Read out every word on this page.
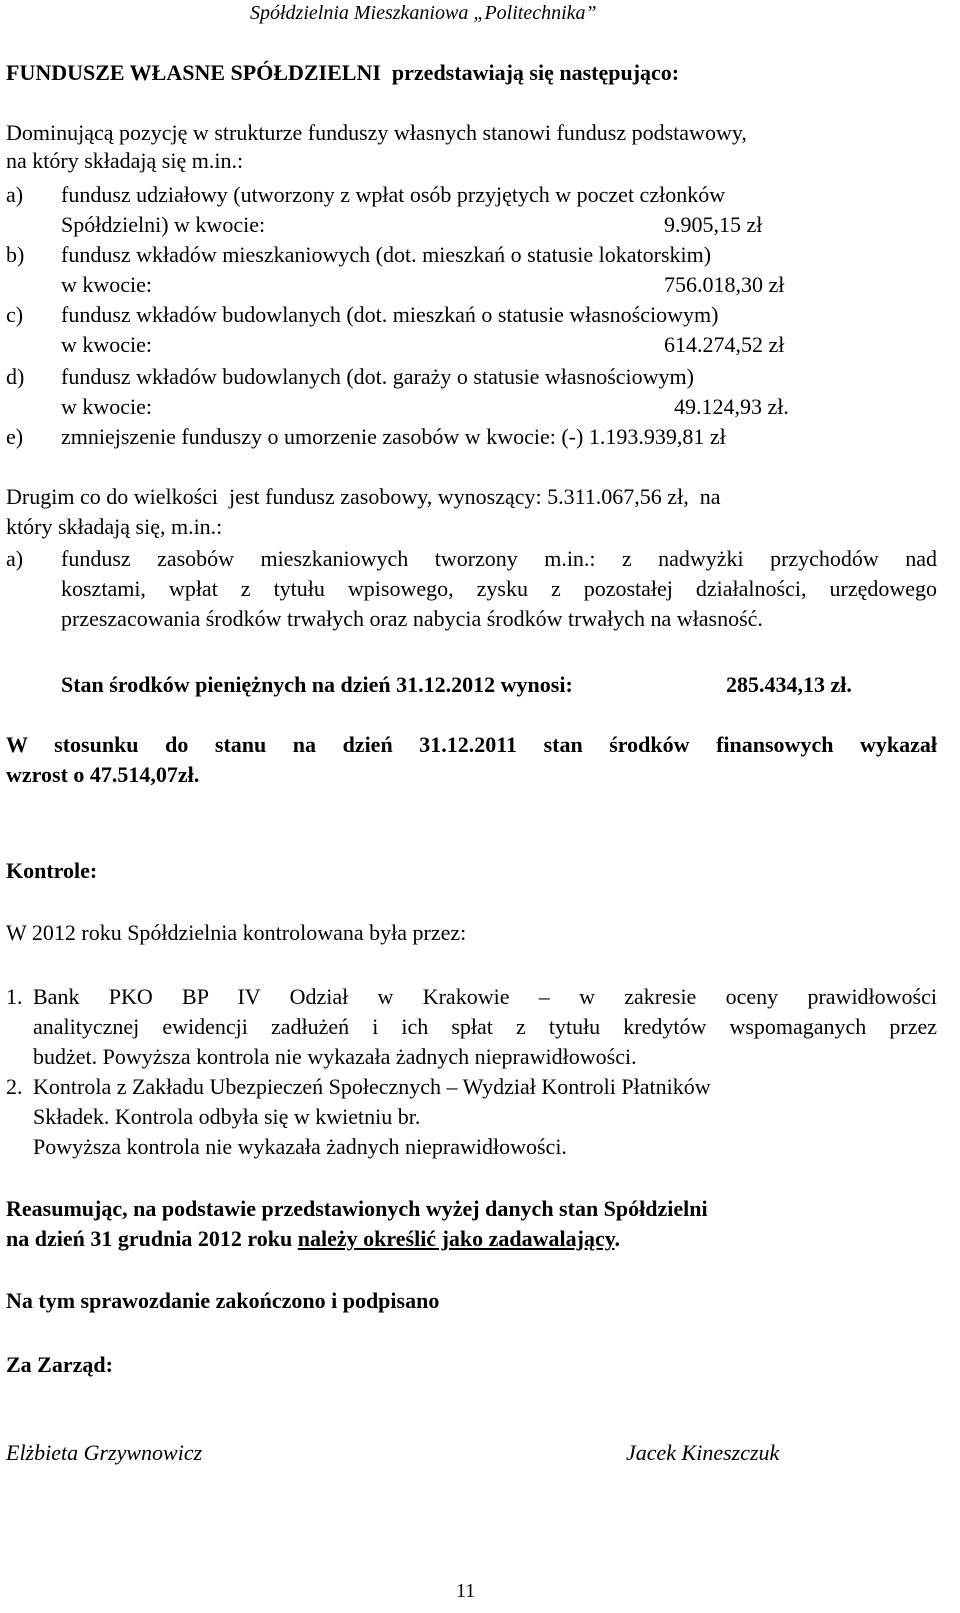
Spółdzielnia Mieszkaniowa „Politechnika”
FUNDUSZE WŁASNE SPÓŁDZIELNI  przedstawiają się następująco:
Dominującą pozycję w strukturze funduszy własnych stanowi fundusz podstawowy,
na który składają się m.in.:
a) fundusz udziałowy (utworzony z wpłat osób przyjętych w poczet członków
Spółdzielni) w kwocie:	9.905,15 zł
b) fundusz wkładów mieszkaniowych (dot. mieszkań o statusie lokatorskim)
w kwocie:	756.018,30 zł
c) fundusz wkładów budowlanych (dot. mieszkań o statusie własnościowym)
w kwocie:	614.274,52 zł
d) fundusz wkładów budowlanych (dot. garaży o statusie własnościowym)
w kwocie:	49.124,93 zł.
e) zmniejszenie funduszy o umorzenie zasobów w kwocie: (-) 1.193.939,81 zł
Drugim co do wielkości  jest fundusz zasobowy, wynoszący: 5.311.067,56 zł,  na
który składają się, m.in.:
a) fundusz zasobów mieszkaniowych tworzony m.in.: z nadwyżki przychodów nad
kosztami, wpłat z tytułu wpisowego, zysku z pozostałej działalności, urzędowego
przeszacowania środków trwałych oraz nabycia środków trwałych na własność.
Stan środków pieniężnych na dzień 31.12.2012 wynosi:	285.434,13 zł.
W stosunku do stanu na dzień 31.12.2011 stan środków finansowych wykazał
wzrost o 47.514,07zł.
Kontrole:
W 2012 roku Spółdzielnia kontrolowana była przez:
1. Bank PKO BP IV Odział w Krakowie – w zakresie oceny prawidłowości
analitycznej ewidencji zadłużeń i ich spłat z tytułu kredytów wspomaganych przez
budżet. Powyższa kontrola nie wykazała żadnych nieprawidłowości.
2. Kontrola z Zakładu Ubezpieczeń Społecznych – Wydział Kontroli Płatników
Składek. Kontrola odbyła się w kwietniu br.
Powyższa kontrola nie wykazała żadnych nieprawidłowości.
Reasumując, na podstawie przedstawionych wyżej danych stan Spółdzielni
na dzień 31 grudnia 2012 roku należy określić jako zadawalający.
Na tym sprawozdanie zakończono i podpisano
Za Zarząd:
Elżbieta Grzywnowicz	Jacek Kineszczuk
11
